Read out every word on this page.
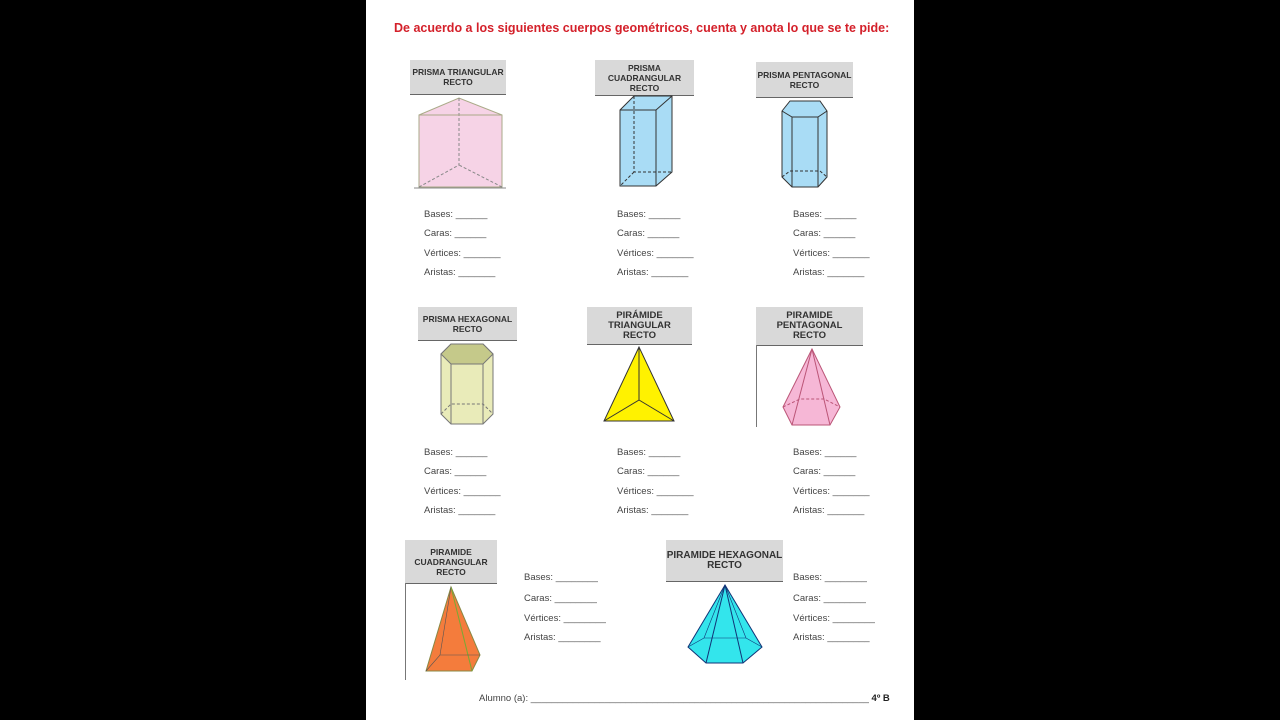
De acuerdo a los siguientes cuerpos geométricos, cuenta y anota lo que se te pide:
PRISMA TRIANGULAR
RECTO
PRISMA
CUADRANGULAR
RECTO
PRISMA PENTAGONAL
RECTO
PRISMA HEXAGONAL
RECTO
PIRÁMIDE
TRIANGULAR
RECTO
PIRAMIDE
PENTAGONAL
RECTO
PIRAMIDE
CUADRANGULAR RECTO
PIRAMIDE HEXAGONAL
RECTO
Bases: ______
Caras: ______
Vértices: _______
Aristas: _______
Bases: ______
Caras: ______
Vértices: _______
Aristas: _______
Bases: ______
Caras: ______
Vértices: _______
Aristas: _______
Bases: ______
Caras: ______
Vértices: _______
Aristas: _______
Bases: ______
Caras: ______
Vértices: _______
Aristas: _______
Bases: ______
Caras: ______
Vértices: _______
Aristas: _______
Bases: ________
Caras: ________
Vértices: ________
Aristas: ________
Bases: ________
Caras: ________
Vértices: ________
Aristas: ________
Alumno (a): ________________________________________________________________ 4º B
